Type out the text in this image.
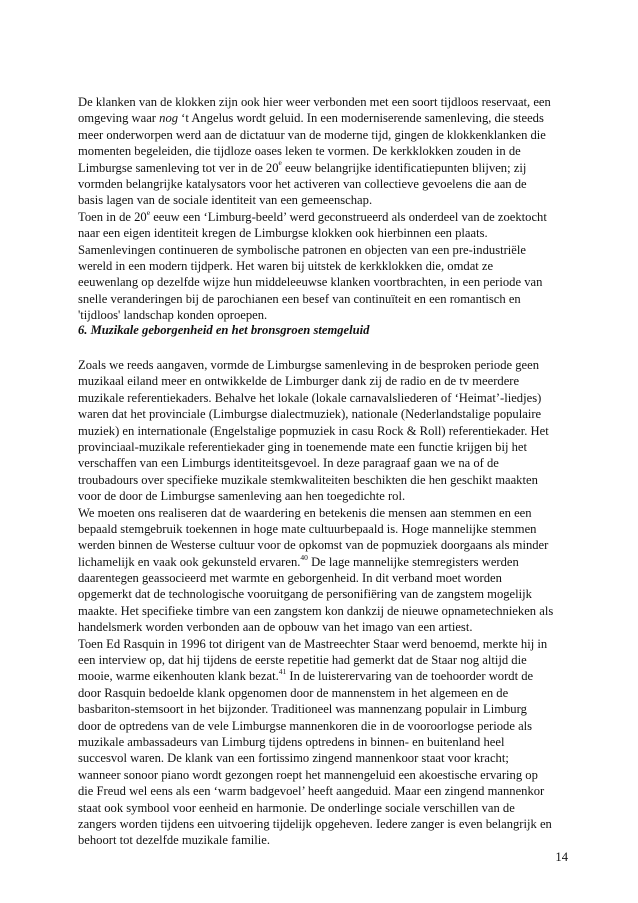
De klanken van de klokken zijn ook hier weer verbonden met een soort tijdloos reservaat, een
omgeving waar nog ‘t Angelus wordt geluid. In een moderniserende samenleving, die steeds
meer onderworpen werd aan de dictatuur van de moderne tijd, gingen de klokkenklanken die
momenten begeleiden, die tijdloze oases leken te vormen. De kerkklokken zouden in de
Limburgse samenleving tot ver in de 20e eeuw belangrijke identificatiepunten blijven; zij
vormden belangrijke katalysators voor het activeren van collectieve gevoelens die aan de
basis lagen van de sociale identiteit van een gemeenschap.
Toen in de 20e eeuw een ‘Limburg-beeld’ werd geconstrueerd als onderdeel van de zoektocht
naar een eigen identiteit kregen de Limburgse klokken ook hierbinnen een plaats.
Samenlevingen continueren de symbolische patronen en objecten van een pre-industriële
wereld in een modern tijdperk. Het waren bij uitstek de kerkklokken die, omdat ze
eeuwenlang op dezelfde wijze hun middeleeuwse klanken voortbrachten, in een periode van
snelle veranderingen bij de parochianen een besef van continuïteit en een romantisch en
'tijdloos' landschap konden oproepen.
6. Muzikale geborgenheid en het bronsgroen stemgeluid
Zoals we reeds aangaven, vormde de Limburgse samenleving in de besproken periode geen
muzikaal eiland meer en ontwikkelde de Limburger dank zij de radio en de tv meerdere
muzikale referentiekaders. Behalve het lokale (lokale carnavalsliederen of ‘Heimat’-liedjes)
waren dat het provinciale (Limburgse dialectmuziek), nationale (Nederlandstalige populaire
muziek) en internationale (Engelstalige popmuziek in casu Rock & Roll) referentiekader. Het
provinciaal-muzikale referentiekader ging in toenemende mate een functie krijgen bij het
verschaffen van een Limburgs identiteitsgevoel. In deze paragraaf gaan we na of de
troubadours over specifieke muzikale stemkwaliteiten beschikten die hen geschikt maakten
voor de door de Limburgse samenleving aan hen toegedichte rol.
We moeten ons realiseren dat de waardering en betekenis die mensen aan stemmen en een
bepaald stemgebruik toekennen in hoge mate cultuurbepaald is. Hoge mannelijke stemmen
werden binnen de Westerse cultuur voor de opkomst van de popmuziek doorgaans als minder
lichamelijk en vaak ook gekunsteld ervaren.$^{40}$ De lage mannelijke stemregisters werden
daarentegen geassocieerd met warmte en geborgenheid. In dit verband moet worden
opgemerkt dat de technologische vooruitgang de personifiëring van de zangstem mogelijk
maakte. Het specifieke timbre van een zangstem kon dankzij de nieuwe opnametechnieken als
handelsmerk worden verbonden aan de opbouw van het imago van een artiest.
Toen Ed Rasquin in 1996 tot dirigent van de Mastreechter Staar werd benoemd, merkte hij in
een interview op, dat hij tijdens de eerste repetitie had gemerkt dat de Staar nog altijd die
mooie, warme eikenhouten klank bezat.$^{41}$ In de luisterervaring van de toehoorder wordt de
door Rasquin bedoelde klank opgenomen door de mannenstem in het algemeen en de
basbariton-stemsoort in het bijzonder. Traditioneel was mannenzang populair in Limburg
door de optredens van de vele Limburgse mannenkoren die in de vooroorlogse periode als
muzikale ambassadeurs van Limburg tijdens optredens in binnen- en buitenland heel
succesvol waren. De klank van een fortissimo zingend mannenkoor staat voor kracht;
wanneer sonoor piano wordt gezongen roept het mannengeluid een akoestische ervaring op
die Freud wel eens als een ‘warm badgevoel’ heeft aangeduid. Maar een zingend mannenkor
staat ook symbool voor eenheid en harmonie. De onderlinge sociale verschillen van de
zangers worden tijdens een uitvoering tijdelijk opgeheven. Iedere zanger is even belangrijk en
behoort tot dezelfde muzikale familie.
14
